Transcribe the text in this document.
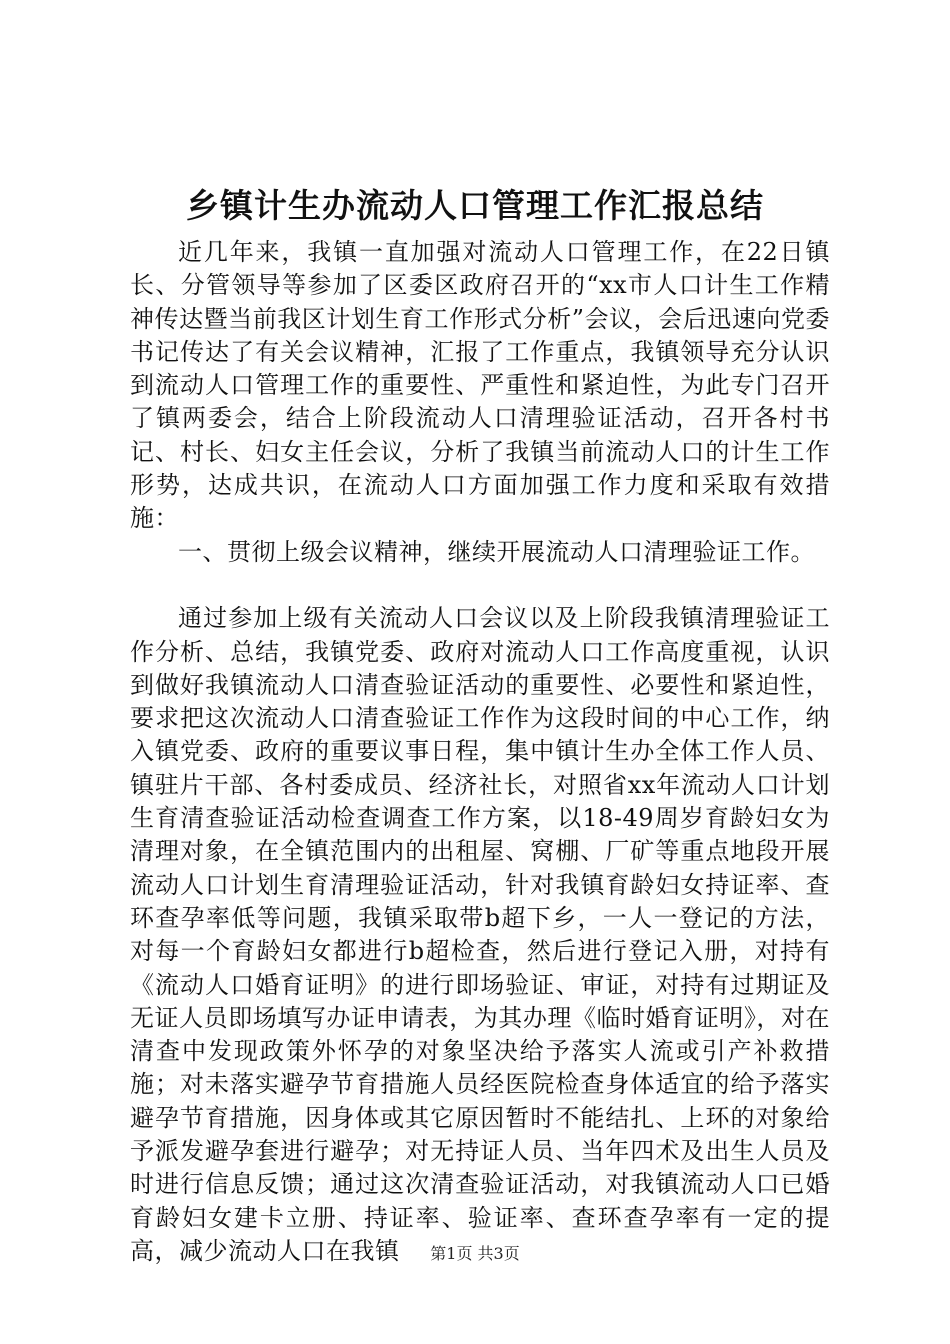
乡镇计生办流动人口管理工作汇报总结

近几年来，我镇一直加强对流动人口管理工作，在22日镇长、分管领导等参加了区委区政府召开的“xx市人口计生工作精神传达暨当前我区计划生育工作形式分析”会议，会后迅速向党委书记传达了有关会议精神，汇报了工作重点，我镇领导充分认识到流动人口管理工作的重要性、严重性和紧迫性，为此专门召开了镇两委会，结合上阶段流动人口清理验证活动，召开各村书记、村长、妇女主任会议，分析了我镇当前流动人口的计生工作形势，达成共识，在流动人口方面加强工作力度和采取有效措施：

一、贯彻上级会议精神，继续开展流动人口清理验证工作。

通过参加上级有关流动人口会议以及上阶段我镇清理验证工作分析、总结，我镇党委、政府对流动人口工作高度重视，认识到做好我镇流动人口清查验证活动的重要性、必要性和紧迫性，要求把这次流动人口清查验证工作作为这段时间的中心工作，纳入镇党委、政府的重要议事日程，集中镇计生办全体工作人员、镇驻片干部、各村委成员、经济社长，对照省xx年流动人口计划生育清查验证活动检查调查工作方案，以18-49周岁育龄妇女为清理对象，在全镇范围内的出租屋、窝棚、厂矿等重点地段开展流动人口计划生育清理验证活动，针对我镇育龄妇女持证率、查环查孕率低等问题，我镇采取带b超下乡，一人一登记的方法，对每一个育龄妇女都进行b超检查，然后进行登记入册，对持有《流动人口婚育证明》的进行即场验证、审证，对持有过期证及无证人员即场填写办证申请表，为其办理《临时婚育证明》，对在清查中发现政策外怀孕的对象坚决给予落实人流或引产补救措施；对未落实避孕节育措施人员经医院检查身体适宜的给予落实避孕节育措施，因身体或其它原因暂时不能结扎、上环的对象给予派发避孕套进行避孕；对无持证人员、当年四术及出生人员及时进行信息反馈；通过这次清查验证活动，对我镇流动人口已婚育龄妇女建卡立册、持证率、验证率、查环查孕率有一定的提高，减少流动人口在我镇	第1页 共3页
